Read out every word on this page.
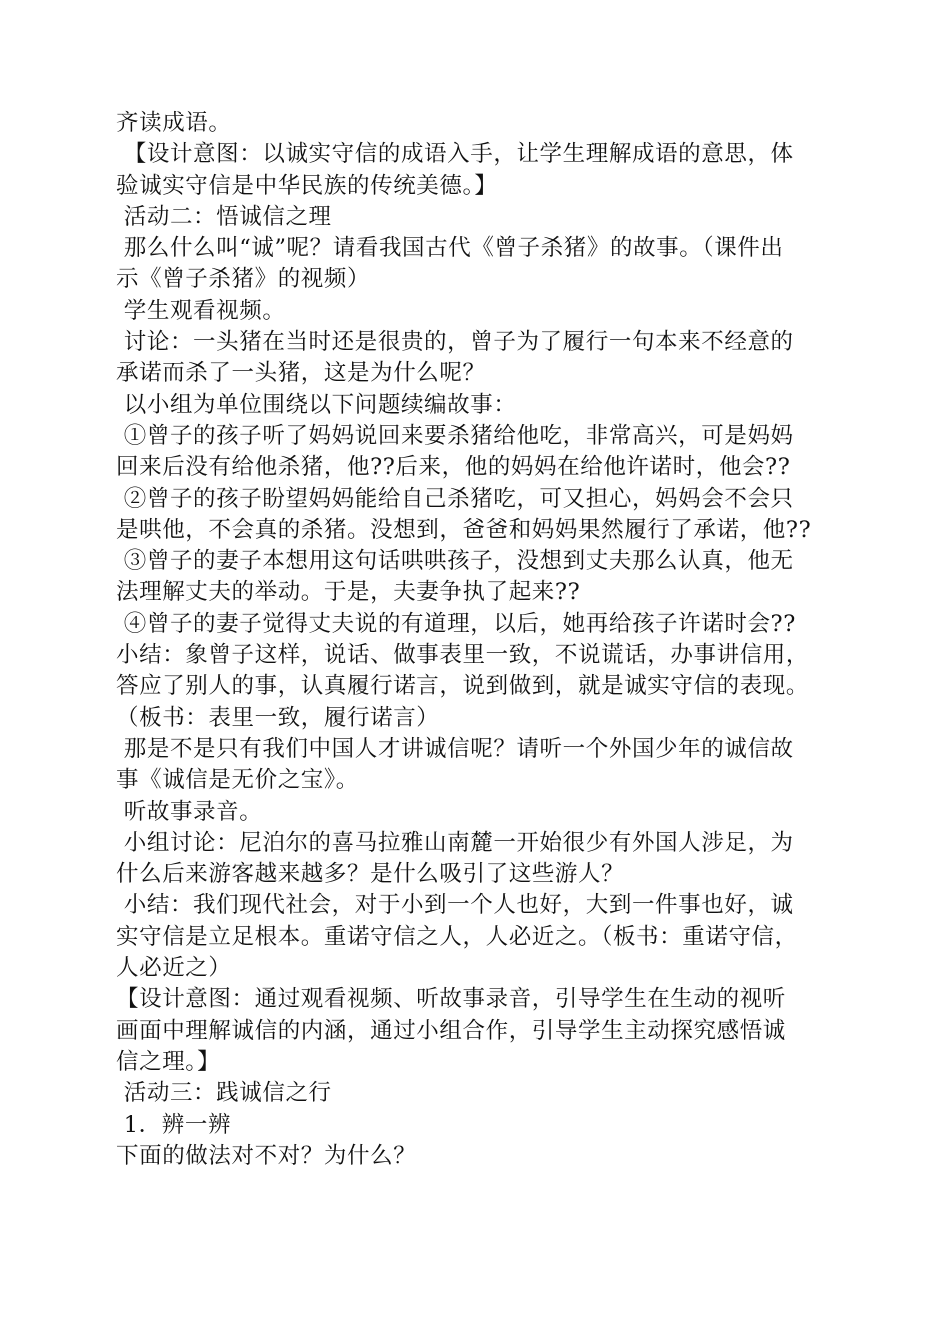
齐读成语。
【设计意图：以诚实守信的成语入手，让学生理解成语的意思，体
验诚实守信是中华民族的传统美德。】
活动二：悟诚信之理
那么什么叫“诚”呢？请看我国古代《曾子杀猪》的故事。（课件出
示《曾子杀猪》的视频）
学生观看视频。
讨论：一头猪在当时还是很贵的，曾子为了履行一句本来不经意的
承诺而杀了一头猪，这是为什么呢？
以小组为单位围绕以下问题续编故事：
①曾子的孩子听了妈妈说回来要杀猪给他吃，非常高兴，可是妈妈
回来后没有给他杀猪，他??后来，他的妈妈在给他许诺时，他会??
②曾子的孩子盼望妈妈能给自己杀猪吃，可又担心，妈妈会不会只
是哄他，不会真的杀猪。没想到，爸爸和妈妈果然履行了承诺，他??
③曾子的妻子本想用这句话哄哄孩子，没想到丈夫那么认真，他无
法理解丈夫的举动。于是，夫妻争执了起来??
④曾子的妻子觉得丈夫说的有道理，以后，她再给孩子许诺时会??
小结：象曾子这样，说话、做事表里一致，不说谎话，办事讲信用，
答应了别人的事，认真履行诺言，说到做到，就是诚实守信的表现。
（板书：表里一致，履行诺言）
那是不是只有我们中国人才讲诚信呢？请听一个外国少年的诚信故
事《诚信是无价之宝》。
听故事录音。
小组讨论：尼泊尔的喜马拉雅山南麓一开始很少有外国人涉足，为
什么后来游客越来越多？是什么吸引了这些游人？
小结：我们现代社会，对于小到一个人也好，大到一件事也好，诚
实守信是立足根本。重诺守信之人，人必近之。（板书：重诺守信，
人必近之）
【设计意图：通过观看视频、听故事录音，引导学生在生动的视听
画面中理解诚信的内涵，通过小组合作，引导学生主动探究感悟诚
信之理。】
活动三：践诚信之行
1．辨一辨
下面的做法对不对？为什么？
